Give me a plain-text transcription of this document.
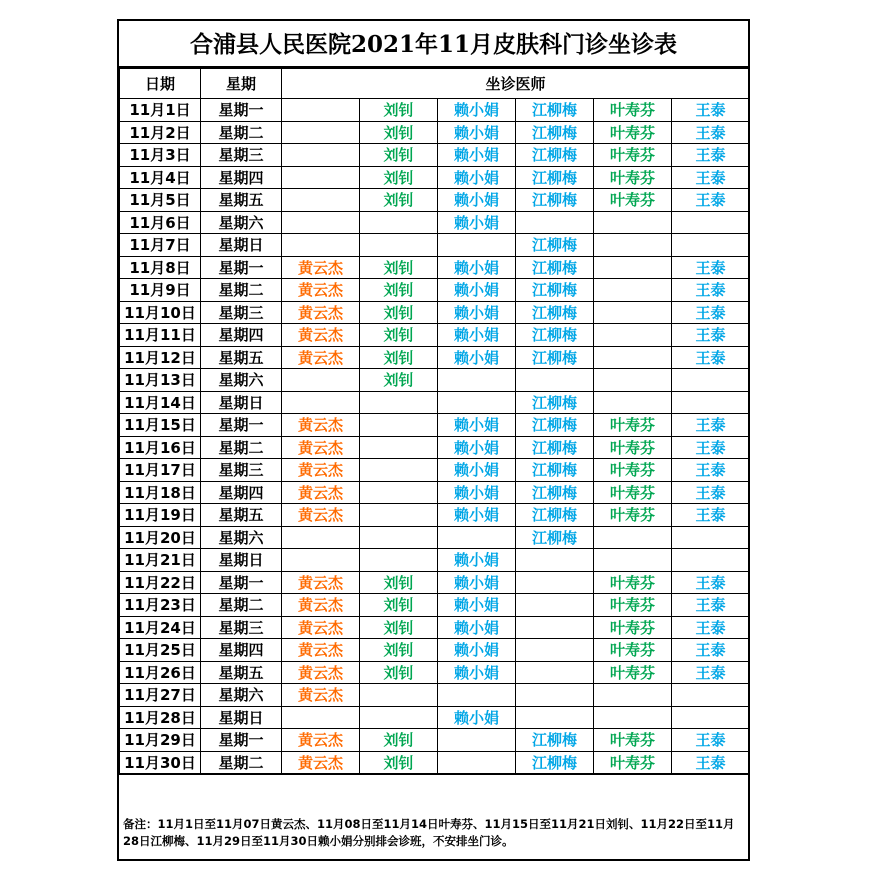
合浦县人民医院2021年11月皮肤科门诊坐诊表
日期	星期	坐诊医师					
11月1日	星期一		刘钊	赖小娟	江柳梅	叶寿芬	王泰
11月2日	星期二		刘钊	赖小娟	江柳梅	叶寿芬	王泰
11月3日	星期三		刘钊	赖小娟	江柳梅	叶寿芬	王泰
11月4日	星期四		刘钊	赖小娟	江柳梅	叶寿芬	王泰
11月5日	星期五		刘钊	赖小娟	江柳梅	叶寿芬	王泰
11月6日	星期六			赖小娟			
11月7日	星期日				江柳梅		
11月8日	星期一	黄云杰	刘钊	赖小娟	江柳梅		王泰
11月9日	星期二	黄云杰	刘钊	赖小娟	江柳梅		王泰
11月10日	星期三	黄云杰	刘钊	赖小娟	江柳梅		王泰
11月11日	星期四	黄云杰	刘钊	赖小娟	江柳梅		王泰
11月12日	星期五	黄云杰	刘钊	赖小娟	江柳梅		王泰
11月13日	星期六		刘钊				
11月14日	星期日				江柳梅		
11月15日	星期一	黄云杰		赖小娟	江柳梅	叶寿芬	王泰
11月16日	星期二	黄云杰		赖小娟	江柳梅	叶寿芬	王泰
11月17日	星期三	黄云杰		赖小娟	江柳梅	叶寿芬	王泰
11月18日	星期四	黄云杰		赖小娟	江柳梅	叶寿芬	王泰
11月19日	星期五	黄云杰		赖小娟	江柳梅	叶寿芬	王泰
11月20日	星期六				江柳梅		
11月21日	星期日			赖小娟			
11月22日	星期一	黄云杰	刘钊	赖小娟		叶寿芬	王泰
11月23日	星期二	黄云杰	刘钊	赖小娟		叶寿芬	王泰
11月24日	星期三	黄云杰	刘钊	赖小娟		叶寿芬	王泰
11月25日	星期四	黄云杰	刘钊	赖小娟		叶寿芬	王泰
11月26日	星期五	黄云杰	刘钊	赖小娟		叶寿芬	王泰
11月27日	星期六	黄云杰					
11月28日	星期日			赖小娟			
11月29日	星期一	黄云杰	刘钊		江柳梅	叶寿芬	王泰
11月30日	星期二	黄云杰	刘钊		江柳梅	叶寿芬	王泰
备注：11月1日至11月07日黄云杰、11月08日至11月14日叶寿芬、11月15日至11月21日刘钊、11月22日至11月28日江柳梅、11月29日至11月30日赖小娟分别排会诊班，不安排坐门诊。
